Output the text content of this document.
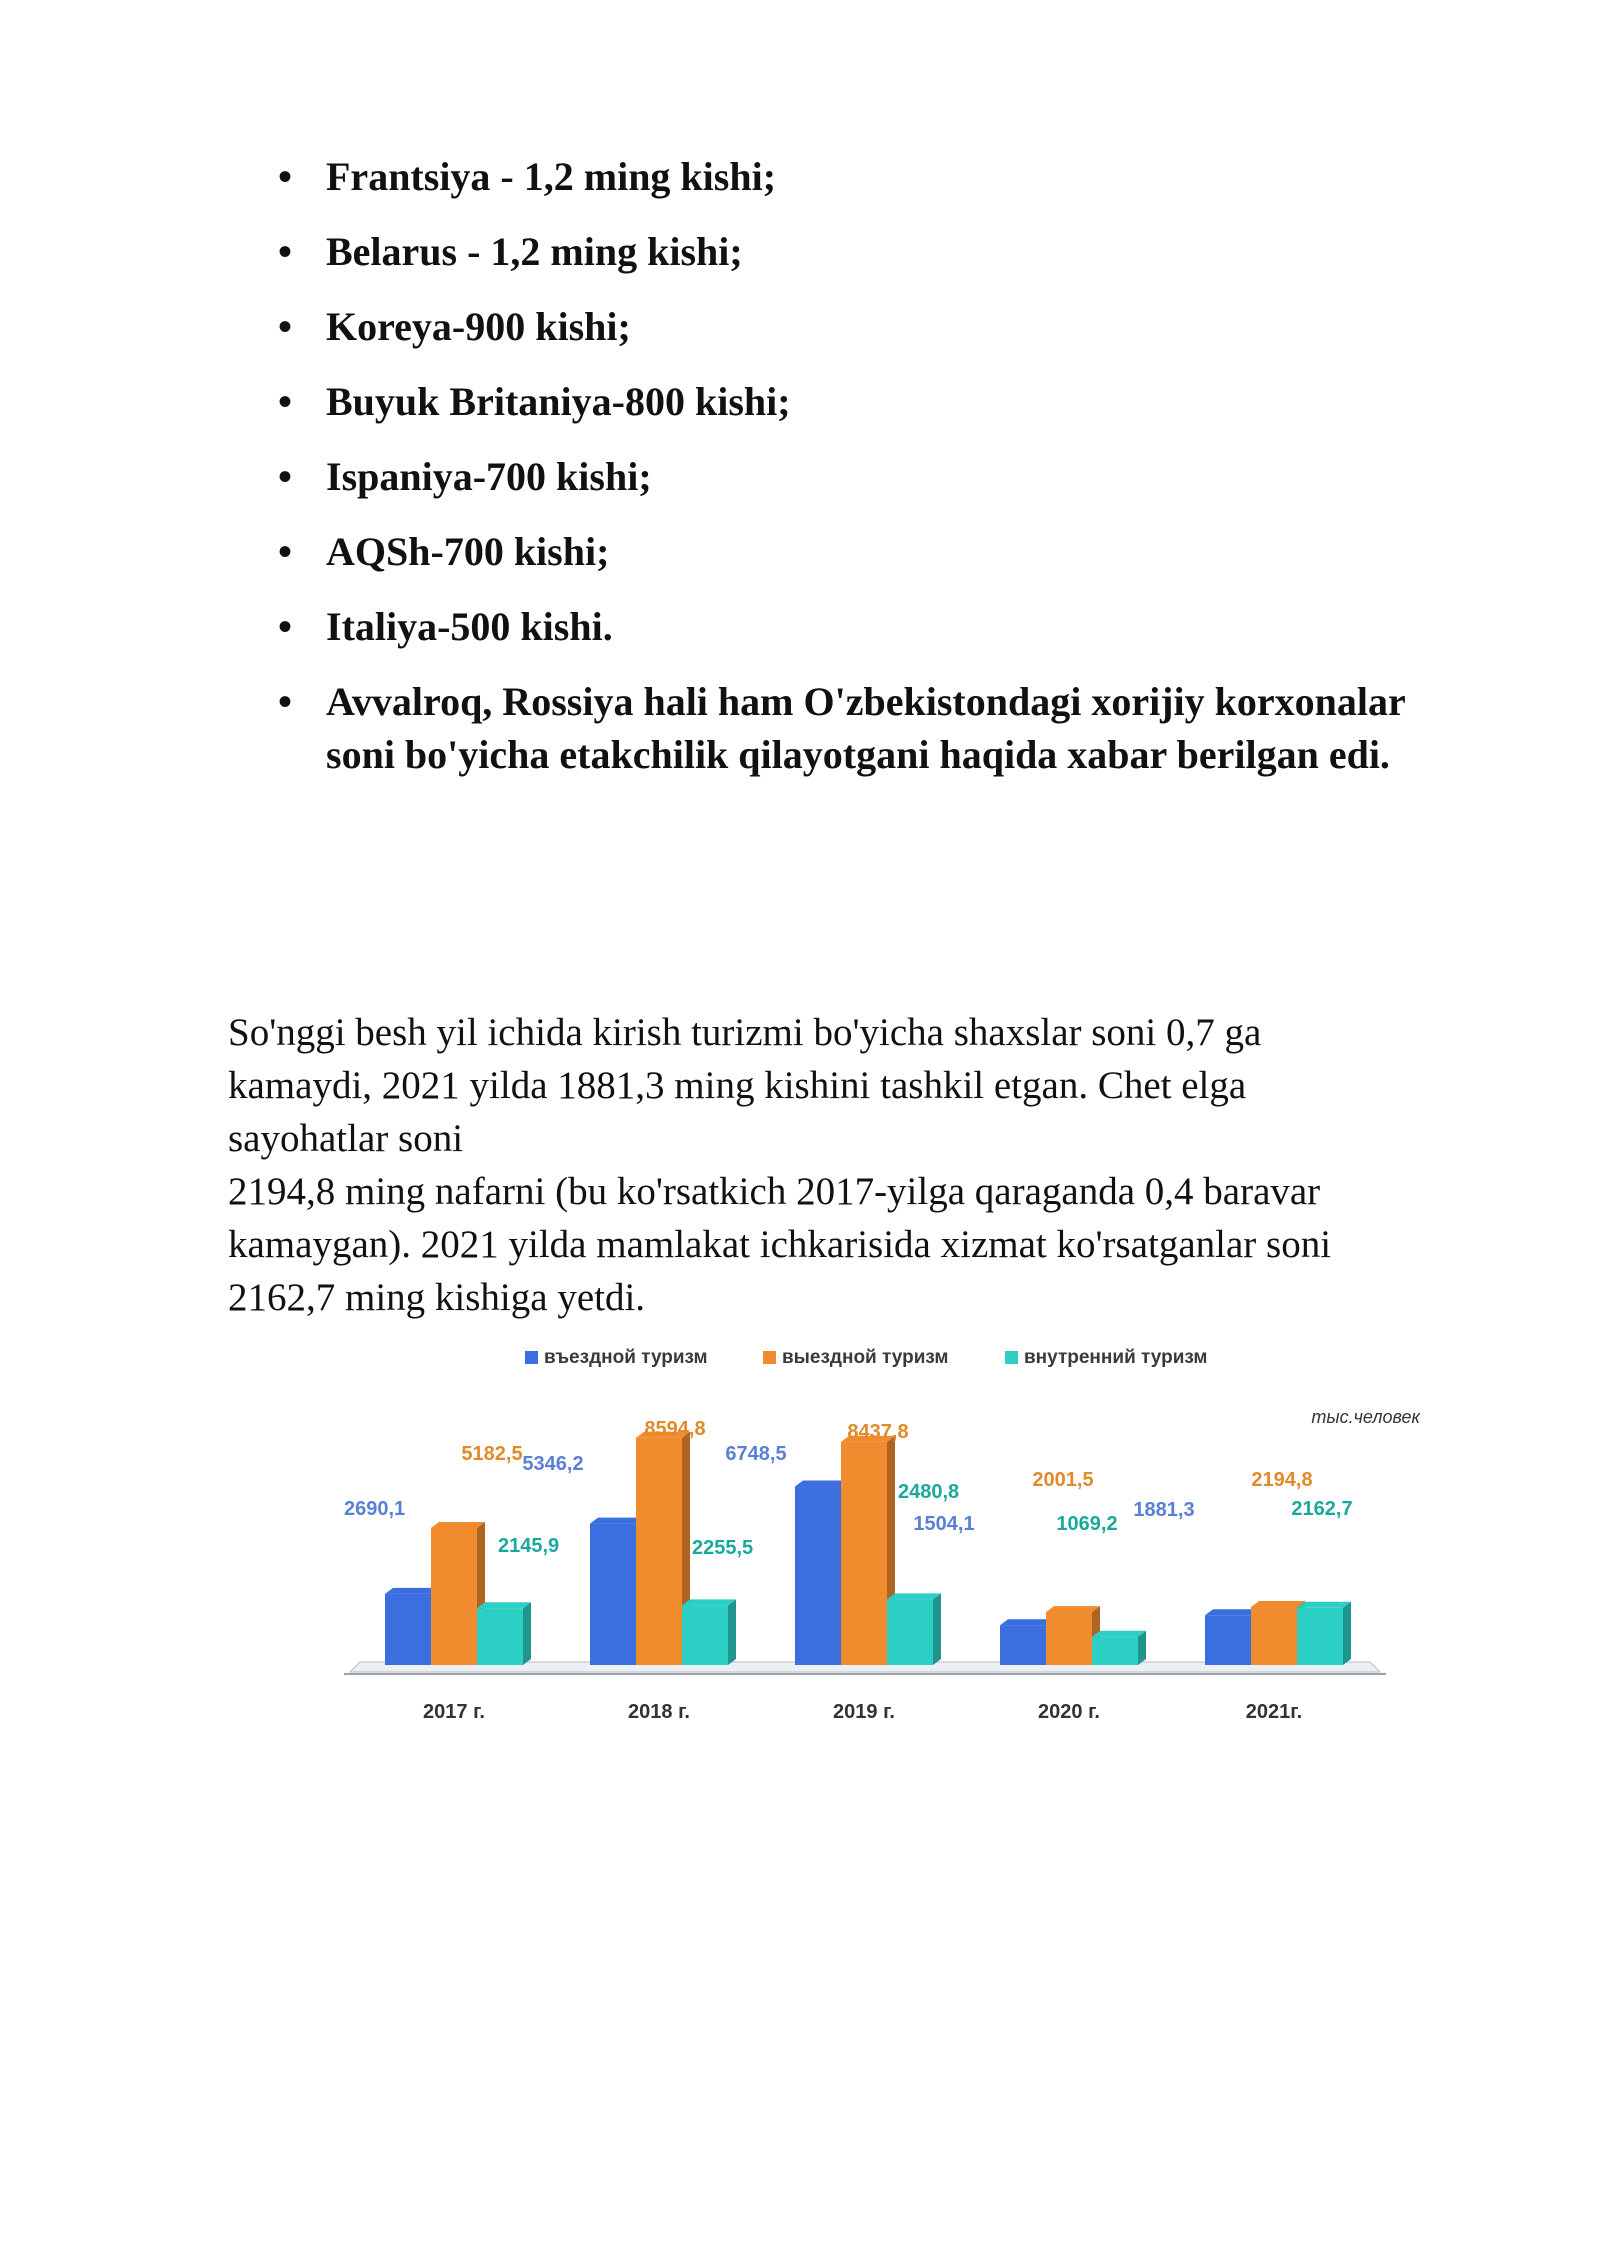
• Frantsiya - 1,2 ming kishi;
• Belarus - 1,2 ming kishi;
• Koreya-900 kishi;
• Buyuk Britaniya-800 kishi;
• Ispaniya-700 kishi;
• AQSh-700 kishi;
• Italiya-500 kishi.
• Avvalroq, Rossiya hali ham O'zbekistondagi xorijiy korxonalar soni bo'yicha etakchilik qilayotgani haqida xabar berilgan edi.

So'nggi besh yil ichida kirish turizmi bo'yicha shaxslar soni 0,7 ga
kamaydi, 2021 yilda 1881,3 ming kishini tashkil etgan. Chet elga
sayohatlar soni
2194,8 ming nafarni (bu ko'rsatkich 2017-yilga qaraganda 0,4 baravar
kamaygan). 2021 yilda mamlakat ichkarisida xizmat ko'rsatganlar soni
2162,7 ming kishiga yetdi.

въездной туризм	выездной туризм	внутренний туризм
тыс.человек
2690,1
5182,5
2145,9
5346,2
8594,8
2255,5
6748,5
8437,8
2480,8
1504,1
2001,5
1069,2
1881,3
2194,8
2162,7
2017 г.	2018 г.	2019 г.	2020 г.	2021г.
